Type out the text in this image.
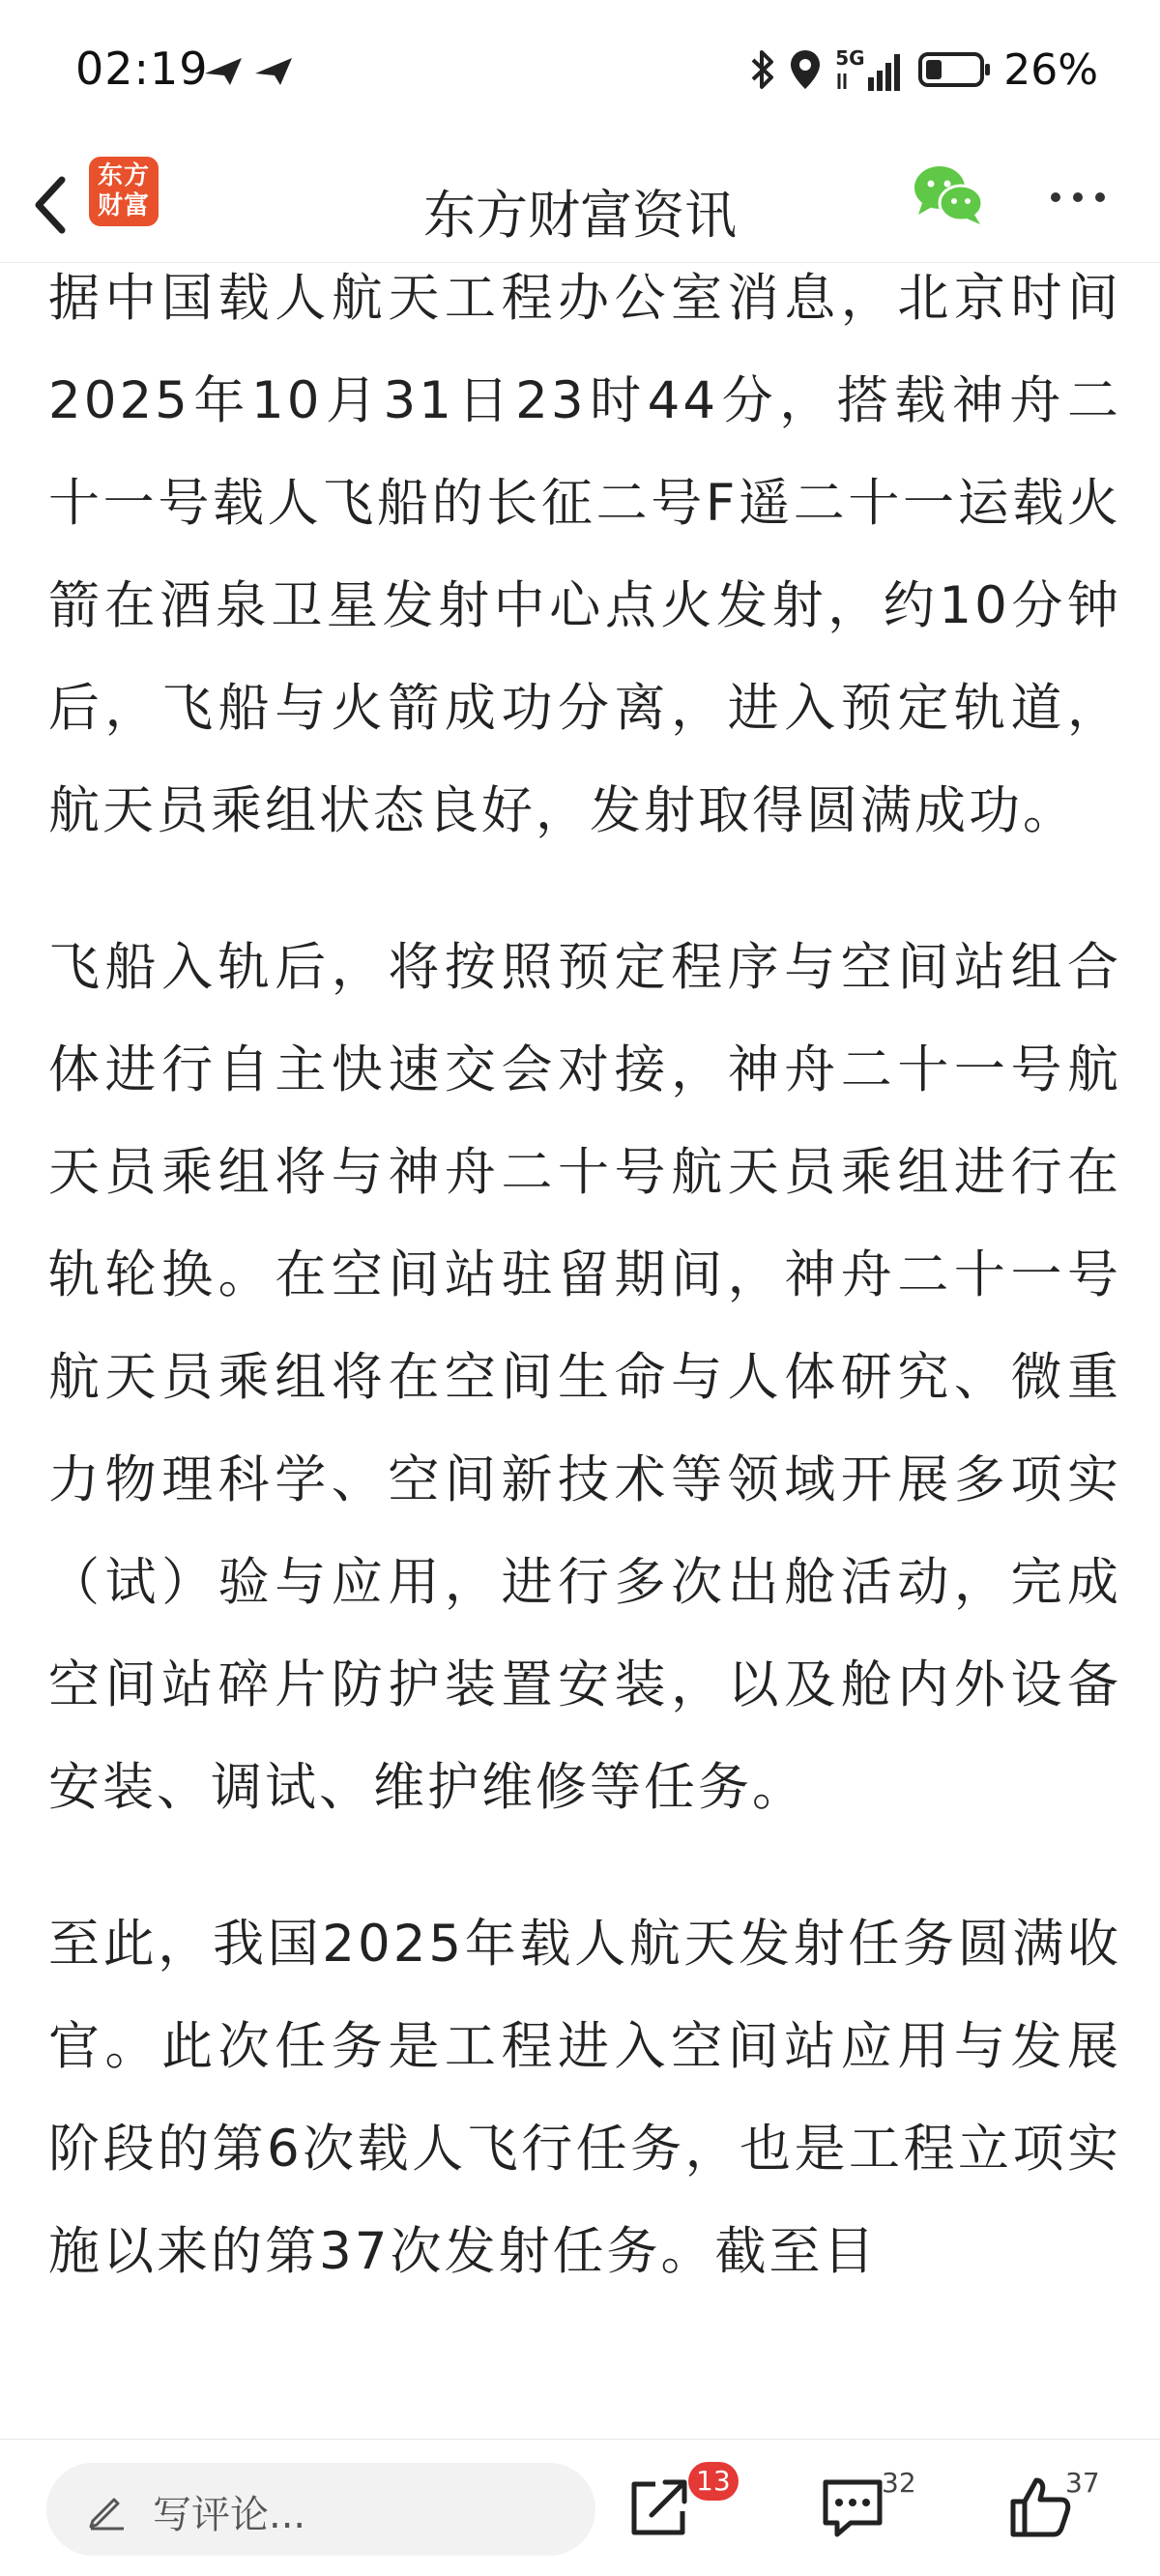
02:19	5G	26%
东方
财富	东方财富资讯

据中国载人航天工程办公室消息，北京时间2025年10月31日23时44分，搭载神舟二十一号载人飞船的长征二号F遥二十一运载火箭在酒泉卫星发射中心点火发射，约10分钟后，飞船与火箭成功分离，进入预定轨道，航天员乘组状态良好，发射取得圆满成功。

飞船入轨后，将按照预定程序与空间站组合体进行自主快速交会对接，神舟二十一号航天员乘组将与神舟二十号航天员乘组进行在轨轮换。在空间站驻留期间，神舟二十一号航天员乘组将在空间生命与人体研究、微重力物理科学、空间新技术等领域开展多项实（试）验与应用，进行多次出舱活动，完成空间站碎片防护装置安装，以及舱内外设备安装、调试、维护维修等任务。

至此，我国2025年载人航天发射任务圆满收官。此次任务是工程进入空间站应用与发展阶段的第6次载人飞行任务，也是工程立项实施以来的第37次发射任务。截至目

写评论...
32	37
13
